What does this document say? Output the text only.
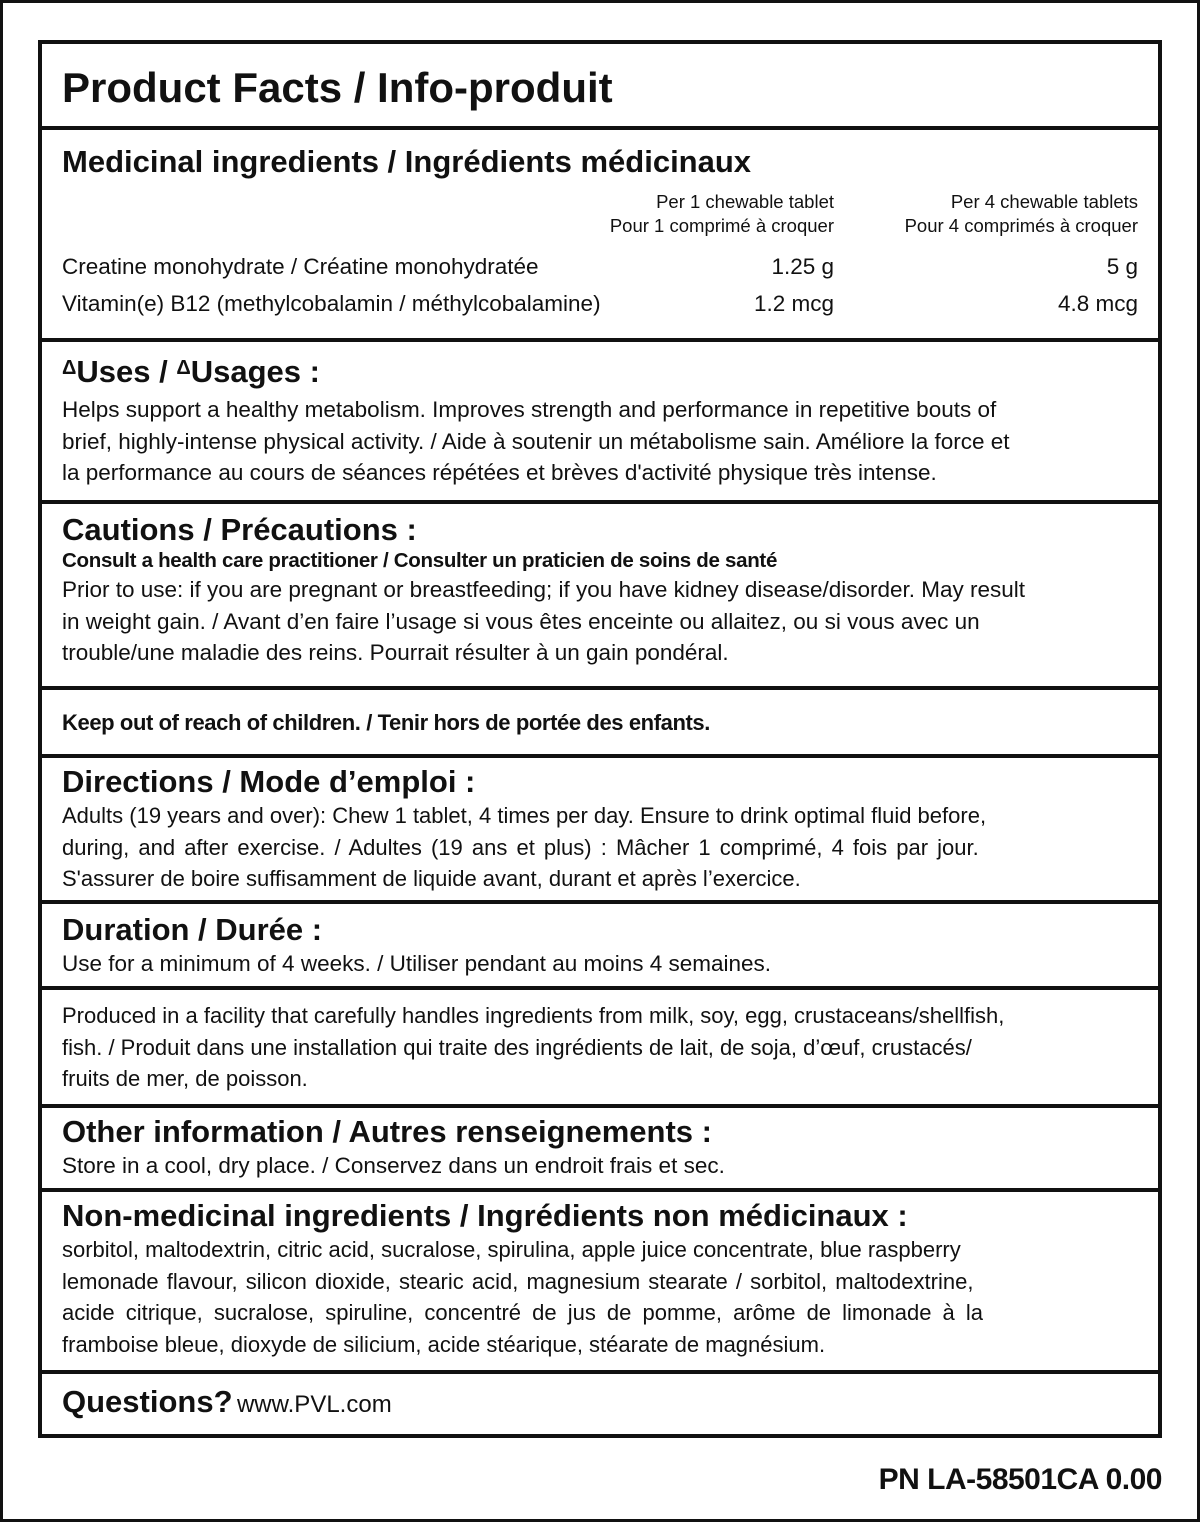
Product Facts / Info-produit
Medicinal ingredients / Ingrédients médicinaux
Per 1 chewable tablet
Pour 1 comprimé à croquer
Per 4 chewable tablets
Pour 4 comprimés à croquer
Creatine monohydrate / Créatine monohydratée	1.25 g	5 g
Vitamin(e) B12 (methylcobalamin / méthylcobalamine)	1.2 mcg	4.8 mcg
$^\Delta$Uses / $^\Delta$Usages :
Helps support a healthy metabolism. Improves strength and performance in repetitive bouts of
brief, highly-intense physical activity. / Aide à soutenir un métabolisme sain. Améliore la force et
la performance au cours de séances répétées et brèves d'activité physique très intense.
Cautions / Précautions :
Consult a health care practitioner / Consulter un praticien de soins de santé
Prior to use: if you are pregnant or breastfeeding; if you have kidney disease/disorder. May result
in weight gain. / Avant d’en faire l’usage si vous êtes enceinte ou allaitez, ou si vous avec un
trouble/une maladie des reins. Pourrait résulter à un gain pondéral.
Keep out of reach of children. / Tenir hors de portée des enfants.
Directions / Mode d’emploi :
Adults (19 years and over): Chew 1 tablet, 4 times per day. Ensure to drink optimal fluid before,
during, and after exercise. / Adultes (19 ans et plus) : Mâcher 1 comprimé, 4 fois par jour.
S'assurer de boire suffisamment de liquide avant, durant et après l’exercice.
Duration / Durée :
Use for a minimum of 4 weeks. / Utiliser pendant au moins 4 semaines.
Produced in a facility that carefully handles ingredients from milk, soy, egg, crustaceans/shellfish,
fish. / Produit dans une installation qui traite des ingrédients de lait, de soja, d’œuf, crustacés/
fruits de mer, de poisson.
Other information / Autres renseignements :
Store in a cool, dry place. / Conservez dans un endroit frais et sec.
Non-medicinal ingredients / Ingrédients non médicinaux :
sorbitol, maltodextrin, citric acid, sucralose, spirulina, apple juice concentrate, blue raspberry
lemonade flavour, silicon dioxide, stearic acid, magnesium stearate / sorbitol, maltodextrine,
acide citrique, sucralose, spiruline, concentré de jus de pomme, arôme de limonade à la
framboise bleue, dioxyde de silicium, acide stéarique, stéarate de magnésium.
Questions? www.PVL.com
PN LA-58501CA 0.00
